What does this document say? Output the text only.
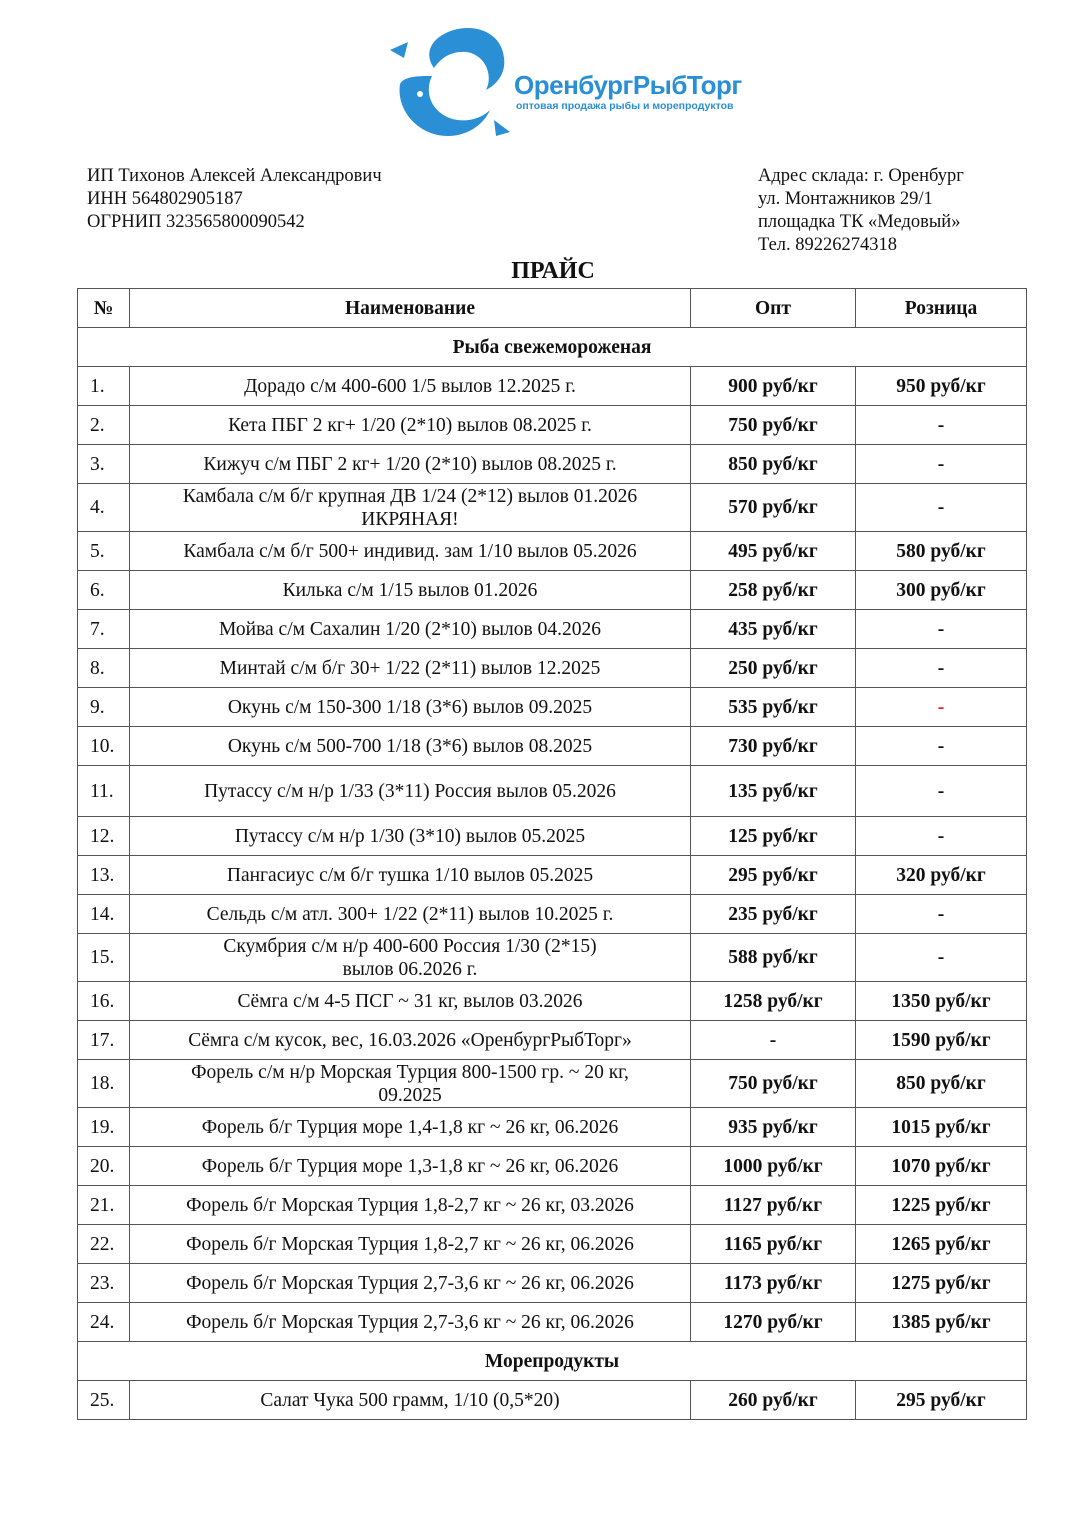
ОренбургРыбТорг
оптовая продажа рыбы и морепродуктов
ИП Тихонов Алексей Александрович
ИНН 564802905187
ОГРНИП 323565800090542
Адрес склада: г. Оренбург
ул. Монтажников 29/1
площадка ТК «Медовый»
Тел. 89226274318
ПРАЙС
№	Наименование	Опт	Розница
Рыба свежемороженая			
1.	Дорадо с/м 400-600 1/5 вылов 12.2025 г.	900 руб/кг	950 руб/кг
2.	Кета ПБГ 2 кг+ 1/20 (2*10) вылов 08.2025 г.	750 руб/кг	-
3.	Кижуч с/м ПБГ 2 кг+ 1/20 (2*10) вылов 08.2025 г.	850 руб/кг	-
4.	Камбала с/м б/г крупная ДВ 1/24 (2*12) вылов 01.2026
ИКРЯНАЯ!	570 руб/кг	-
5.	Камбала с/м б/г 500+ индивид. зам 1/10 вылов 05.2026	495 руб/кг	580 руб/кг
6.	Килька с/м 1/15 вылов 01.2026	258 руб/кг	300 руб/кг
7.	Мойва с/м Сахалин 1/20 (2*10) вылов 04.2026	435 руб/кг	-
8.	Минтай с/м б/г 30+ 1/22 (2*11) вылов 12.2025	250 руб/кг	-
9.	Окунь с/м 150-300 1/18 (3*6) вылов 09.2025	535 руб/кг	-
10.	Окунь с/м 500-700 1/18 (3*6) вылов 08.2025	730 руб/кг	-
11.	Путассу с/м н/р 1/33 (3*11) Россия вылов 05.2026	135 руб/кг	-
12.	Путассу с/м н/р 1/30 (3*10) вылов 05.2025	125 руб/кг	-
13.	Пангасиус с/м б/г тушка 1/10 вылов 05.2025	295 руб/кг	320 руб/кг
14.	Сельдь с/м атл. 300+ 1/22 (2*11) вылов 10.2025 г.	235 руб/кг	-
15.	Скумбрия с/м н/р 400-600 Россия 1/30 (2*15)
вылов 06.2026 г.	588 руб/кг	-
16.	Сёмга с/м 4-5 ПСГ ~ 31 кг, вылов 03.2026	1258 руб/кг	1350 руб/кг
17.	Сёмга с/м кусок, вес, 16.03.2026 «ОренбургРыбТорг»	-	1590 руб/кг
18.	Форель с/м н/р Морская Турция 800-1500 гр. ~ 20 кг,
09.2025	750 руб/кг	850 руб/кг
19.	Форель б/г Турция море 1,4-1,8 кг ~ 26 кг, 06.2026	935 руб/кг	1015 руб/кг
20.	Форель б/г Турция море 1,3-1,8 кг ~ 26 кг, 06.2026	1000 руб/кг	1070 руб/кг
21.	Форель б/г Морская Турция 1,8-2,7 кг ~ 26 кг, 03.2026	1127 руб/кг	1225 руб/кг
22.	Форель б/г Морская Турция 1,8-2,7 кг ~ 26 кг, 06.2026	1165 руб/кг	1265 руб/кг
23.	Форель б/г Морская Турция 2,7-3,6 кг ~ 26 кг, 06.2026	1173 руб/кг	1275 руб/кг
24.	Форель б/г Морская Турция 2,7-3,6 кг ~ 26 кг, 06.2026	1270 руб/кг	1385 руб/кг
Морепродукты			
25.	Салат Чука 500 грамм, 1/10 (0,5*20)	260 руб/кг	295 руб/кг
